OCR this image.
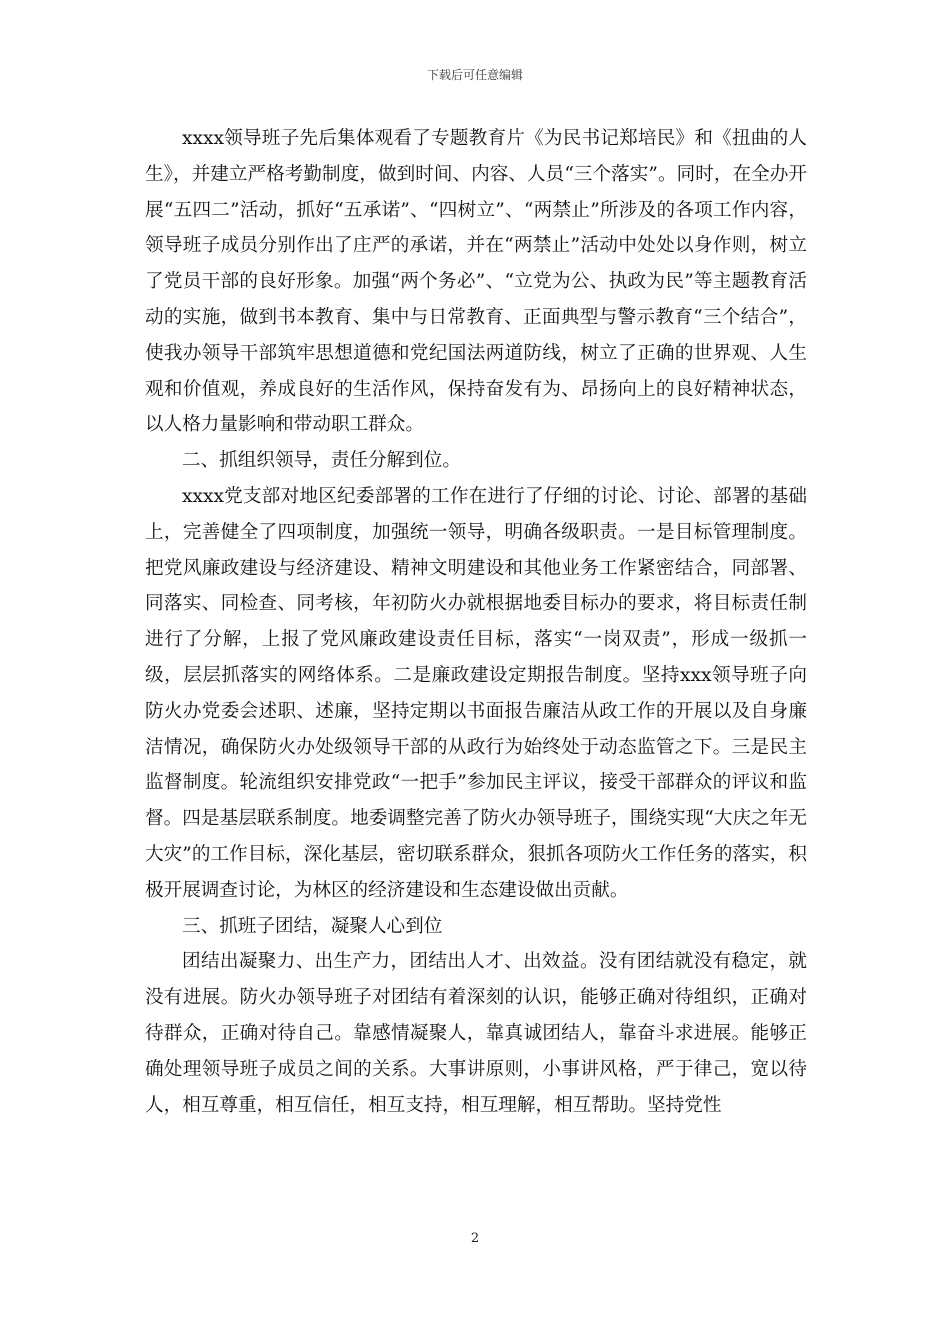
下载后可任意编辑

xxxx领导班子先后集体观看了专题教育片《为民书记郑培民》和《扭曲的人生》，并建立严格考勤制度，做到时间、内容、人员“三个落实”。同时，在全办开展“五四二”活动，抓好“五承诺”、“四树立”、“两禁止”所涉及的各项工作内容，领导班子成员分别作出了庄严的承诺，并在“两禁止”活动中处处以身作则，树立了党员干部的良好形象。加强“两个务必”、“立党为公、执政为民”等主题教育活动的实施，做到书本教育、集中与日常教育、正面典型与警示教育“三个结合”，使我办领导干部筑牢思想道德和党纪国法两道防线，树立了正确的世界观、人生观和价值观，养成良好的生活作风，保持奋发有为、昂扬向上的良好精神状态，以人格力量影响和带动职工群众。

二、抓组织领导，责任分解到位。

xxxx党支部对地区纪委部署的工作在进行了仔细的讨论、讨论、部署的基础上，完善健全了四项制度，加强统一领导，明确各级职责。一是目标管理制度。把党风廉政建设与经济建设、精神文明建设和其他业务工作紧密结合，同部署、同落实、同检查、同考核，年初防火办就根据地委目标办的要求，将目标责任制进行了分解，上报了党风廉政建设责任目标，落实“一岗双责”，形成一级抓一级，层层抓落实的网络体系。二是廉政建设定期报告制度。坚持xxx领导班子向防火办党委会述职、述廉，坚持定期以书面报告廉洁从政工作的开展以及自身廉洁情况，确保防火办处级领导干部的从政行为始终处于动态监管之下。三是民主监督制度。轮流组织安排党政“一把手”参加民主评议，接受干部群众的评议和监督。四是基层联系制度。地委调整完善了防火办领导班子，围绕实现“大庆之年无大灾”的工作目标，深化基层，密切联系群众，狠抓各项防火工作任务的落实，积极开展调查讨论，为林区的经济建设和生态建设做出贡献。

三、抓班子团结，凝聚人心到位

团结出凝聚力、出生产力，团结出人才、出效益。没有团结就没有稳定，就没有进展。防火办领导班子对团结有着深刻的认识，能够正确对待组织，正确对待群众，正确对待自己。靠感情凝聚人，靠真诚团结人，靠奋斗求进展。能够正确处理领导班子成员之间的关系。大事讲原则，小事讲风格，严于律己，宽以待人，相互尊重，相互信任，相互支持，相互理解，相互帮助。坚持党性

2
